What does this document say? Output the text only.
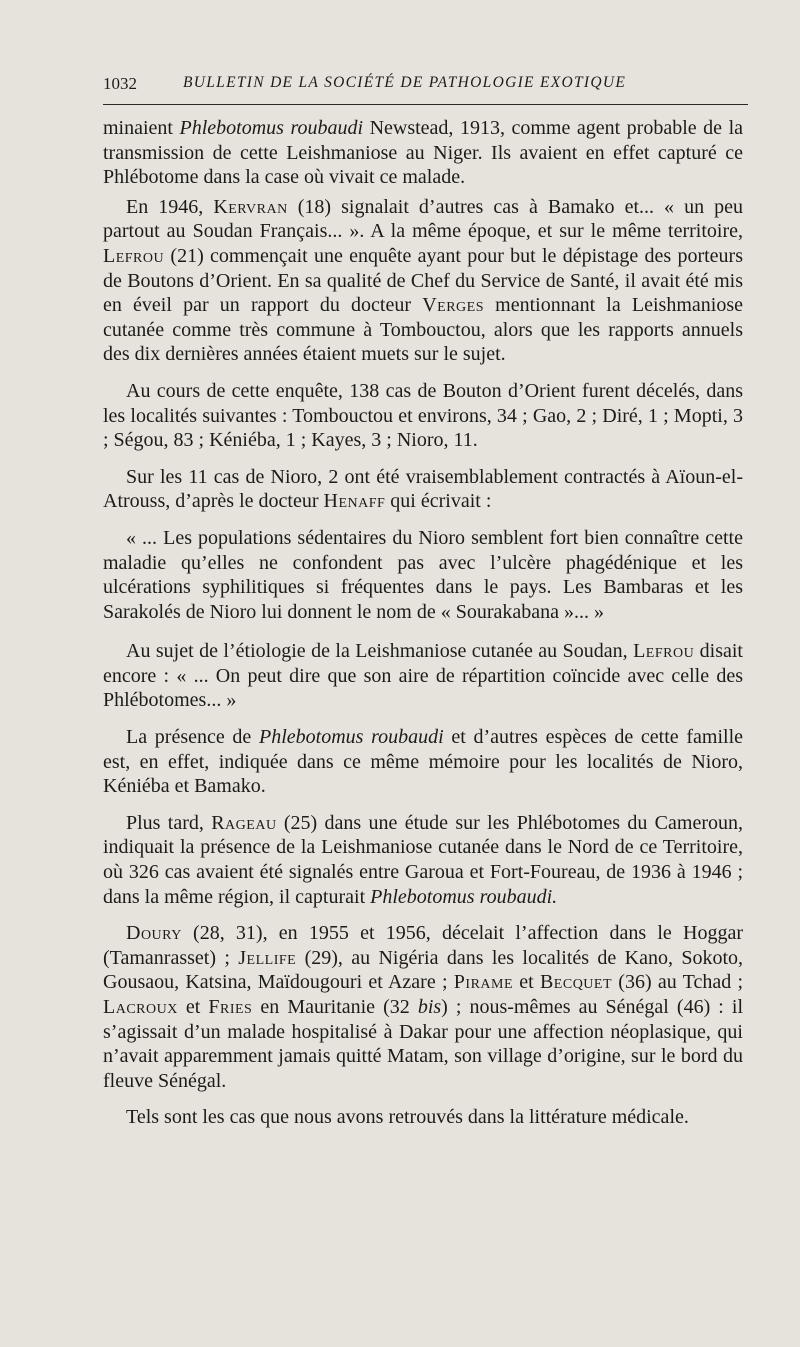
1032	BULLETIN DE LA SOCIÉTÉ DE PATHOLOGIE EXOTIQUE

minaient Phlebotomus roubaudi Newstead, 1913, comme agent probable de la transmission de cette Leishmaniose au Niger. Ils avaient en effet capturé ce Phlébotome dans la case où vivait ce malade.

En 1946, Kervran (18) signalait d’autres cas à Bamako et... « un peu partout au Soudan Français... ». A la même époque, et sur le même territoire, Lefrou (21) commençait une enquête ayant pour but le dépistage des porteurs de Boutons d’Orient. En sa qualité de Chef du Service de Santé, il avait été mis en éveil par un rapport du docteur Verges mentionnant la Leishmaniose cutanée comme très commune à Tombouctou, alors que les rapports annuels des dix dernières années étaient muets sur le sujet.

Au cours de cette enquête, 138 cas de Bouton d’Orient furent décelés, dans les localités suivantes : Tombouctou et environs, 34 ; Gao, 2 ; Diré, 1 ; Mopti, 3 ; Ségou, 83 ; Kéniéba, 1 ; Kayes, 3 ; Nioro, 11.

Sur les 11 cas de Nioro, 2 ont été vraisemblablement contractés à Aïoun-el-Atrouss, d’après le docteur Henaff qui écrivait :

« ... Les populations sédentaires du Nioro semblent fort bien connaître cette maladie qu’elles ne confondent pas avec l’ulcère phagédénique et les ulcérations syphilitiques si fréquentes dans le pays. Les Bambaras et les Sarakolés de Nioro lui donnent le nom de « Sourakabana »... »

Au sujet de l’étiologie de la Leishmaniose cutanée au Soudan, Lefrou disait encore : « ... On peut dire que son aire de répartition coïncide avec celle des Phlébotomes... »

La présence de Phlebotomus roubaudi et d’autres espèces de cette famille est, en effet, indiquée dans ce même mémoire pour les localités de Nioro, Kéniéba et Bamako.

Plus tard, Rageau (25) dans une étude sur les Phlébotomes du Cameroun, indiquait la présence de la Leishmaniose cutanée dans le Nord de ce Territoire, où 326 cas avaient été signalés entre Garoua et Fort-Foureau, de 1936 à 1946 ; dans la même région, il capturait Phlebotomus roubaudi.

Doury (28, 31), en 1955 et 1956, décelait l’affection dans le Hoggar (Tamanrasset) ; Jellife (29), au Nigéria dans les localités de Kano, Sokoto, Gousaou, Katsina, Maïdougouri et Azare ; Pirame et Becquet (36) au Tchad ; Lacroux et Fries en Mauritanie (32 bis) ; nous-mêmes au Sénégal (46) : il s’agissait d’un malade hospitalisé à Dakar pour une affection néoplasique, qui n’avait apparemment jamais quitté Matam, son village d’origine, sur le bord du fleuve Sénégal.

Tels sont les cas que nous avons retrouvés dans la littérature médicale.
